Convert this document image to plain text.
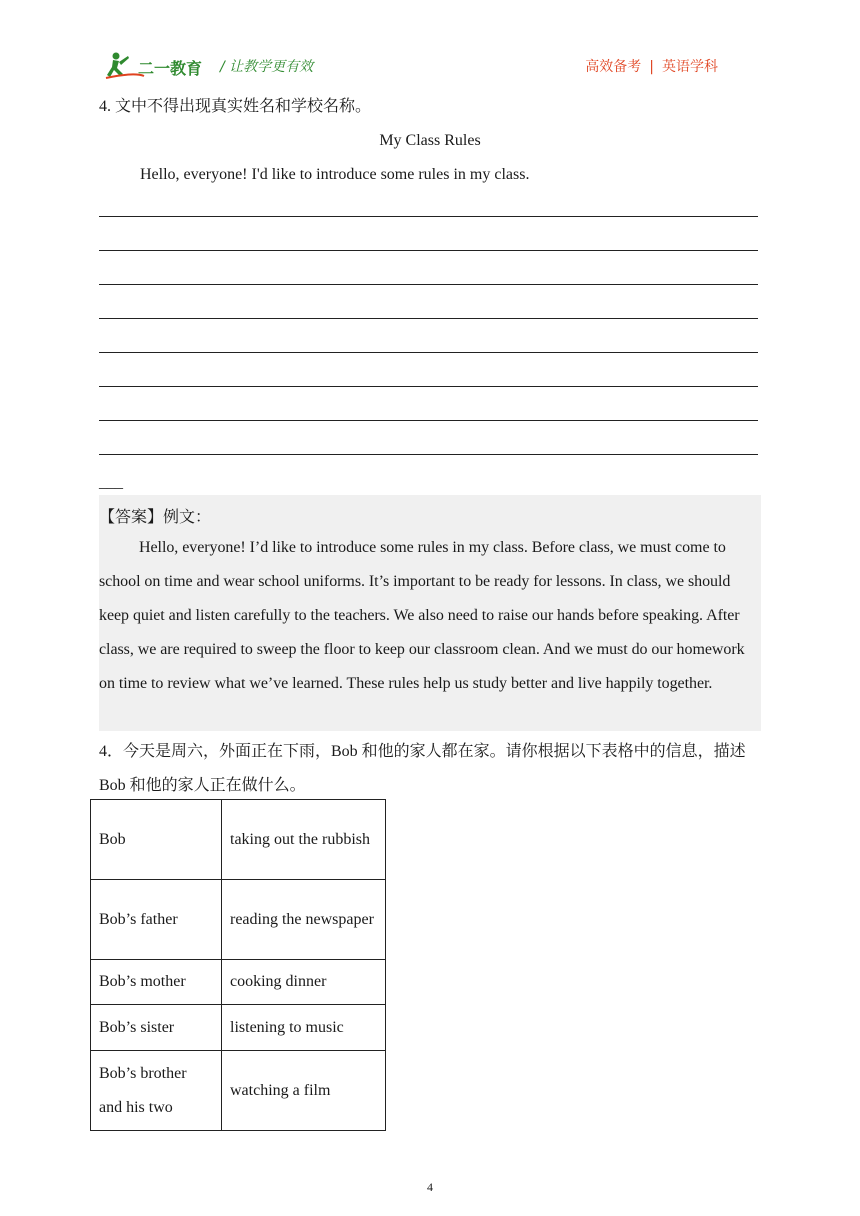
二一教育 / 让教学更有效	高效备考 | 英语学科
4. 文中不得出现真实姓名和学校名称。
My Class Rules
Hello, everyone! I'd like to introduce some rules in my class.
___
【答案】例文：
Hello, everyone! I’d like to introduce some rules in my class. Before class, we must come to school on time and wear school uniforms. It’s important to be ready for lessons. In class, we should keep quiet and listen carefully to the teachers. We also need to raise our hands before speaking. After class, we are required to sweep the floor to keep our classroom clean. And we must do our homework on time to review what we’ve learned. These rules help us study better and live happily together.
4．今天是周六，外面正在下雨，Bob 和他的家人都在家。请你根据以下表格中的信息，描述 Bob 和他的家人正在做什么。
Bob	taking out the rubbish
Bob’s father	reading the newspaper
Bob’s mother	cooking dinner
Bob’s sister	listening to music
Bob’s brother and his two	watching a film
4
